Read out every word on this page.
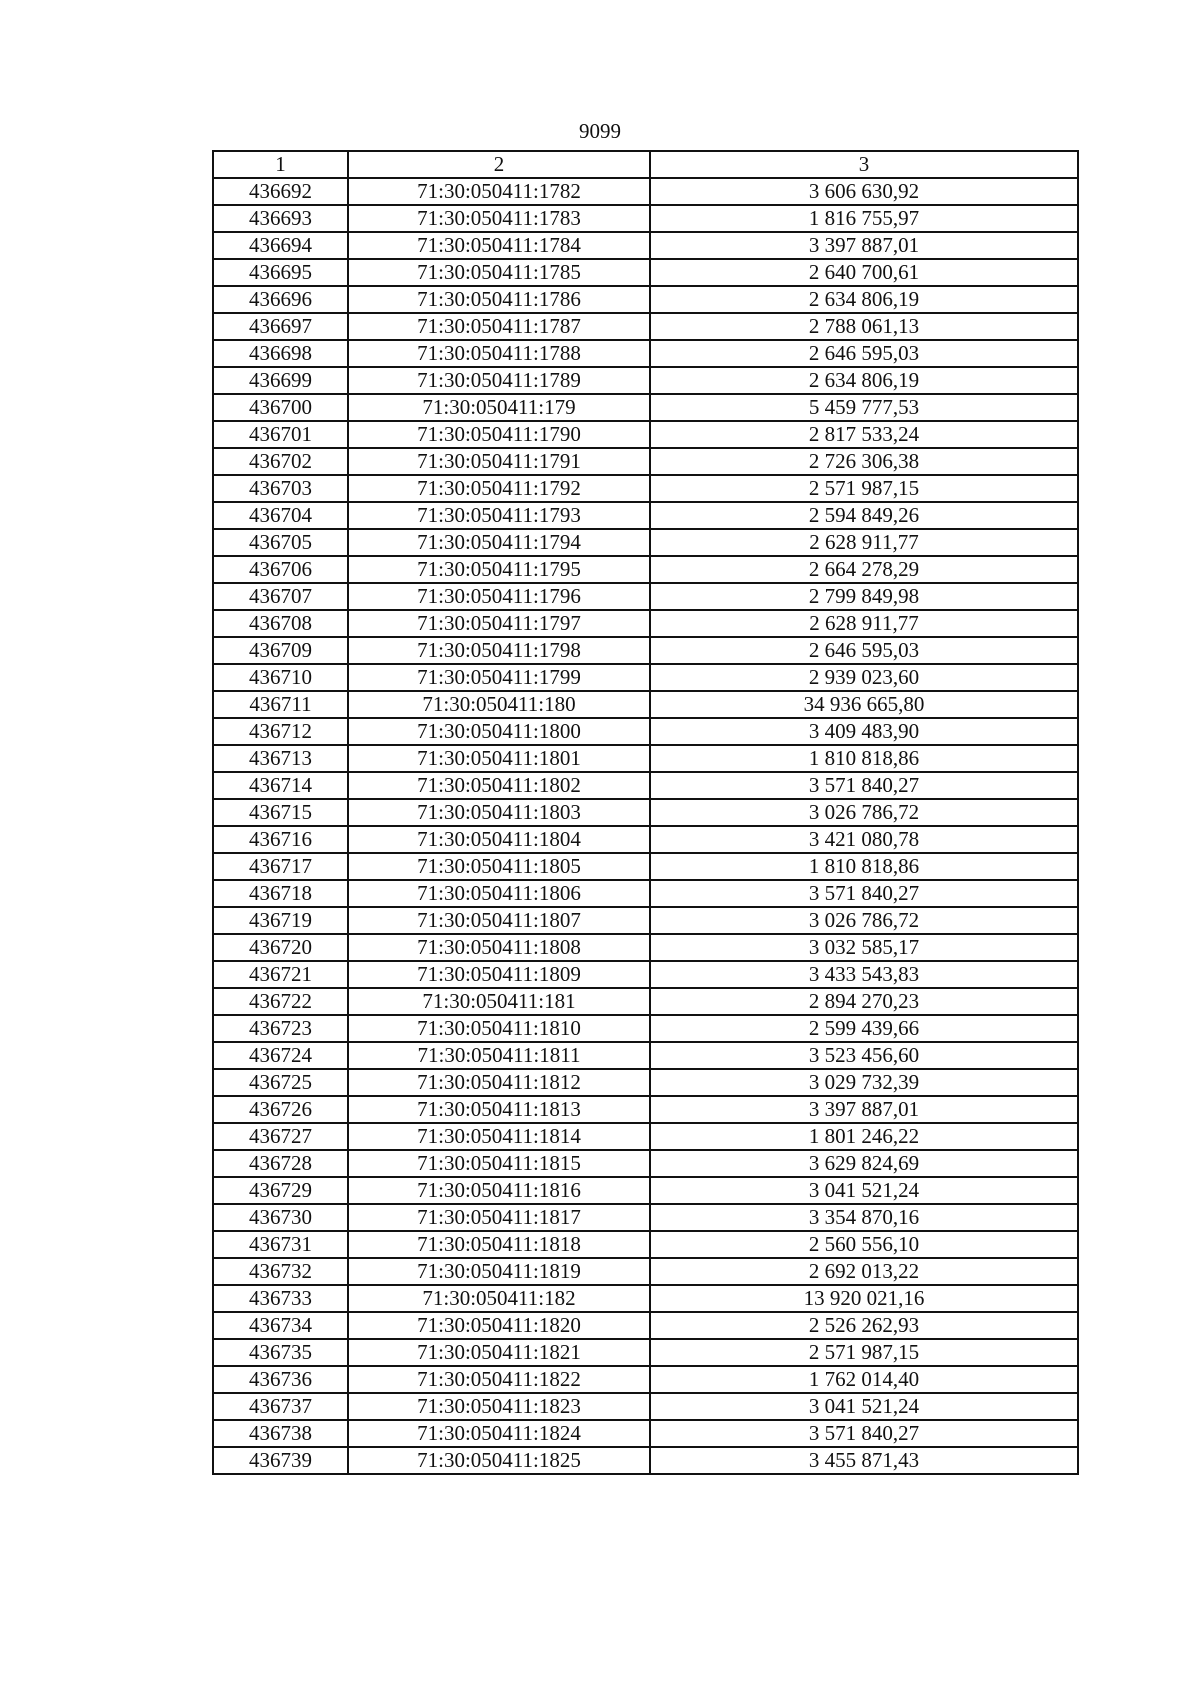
9099
1	2	3
436692	71:30:050411:1782	3 606 630,92
436693	71:30:050411:1783	1 816 755,97
436694	71:30:050411:1784	3 397 887,01
436695	71:30:050411:1785	2 640 700,61
436696	71:30:050411:1786	2 634 806,19
436697	71:30:050411:1787	2 788 061,13
436698	71:30:050411:1788	2 646 595,03
436699	71:30:050411:1789	2 634 806,19
436700	71:30:050411:179	5 459 777,53
436701	71:30:050411:1790	2 817 533,24
436702	71:30:050411:1791	2 726 306,38
436703	71:30:050411:1792	2 571 987,15
436704	71:30:050411:1793	2 594 849,26
436705	71:30:050411:1794	2 628 911,77
436706	71:30:050411:1795	2 664 278,29
436707	71:30:050411:1796	2 799 849,98
436708	71:30:050411:1797	2 628 911,77
436709	71:30:050411:1798	2 646 595,03
436710	71:30:050411:1799	2 939 023,60
436711	71:30:050411:180	34 936 665,80
436712	71:30:050411:1800	3 409 483,90
436713	71:30:050411:1801	1 810 818,86
436714	71:30:050411:1802	3 571 840,27
436715	71:30:050411:1803	3 026 786,72
436716	71:30:050411:1804	3 421 080,78
436717	71:30:050411:1805	1 810 818,86
436718	71:30:050411:1806	3 571 840,27
436719	71:30:050411:1807	3 026 786,72
436720	71:30:050411:1808	3 032 585,17
436721	71:30:050411:1809	3 433 543,83
436722	71:30:050411:181	2 894 270,23
436723	71:30:050411:1810	2 599 439,66
436724	71:30:050411:1811	3 523 456,60
436725	71:30:050411:1812	3 029 732,39
436726	71:30:050411:1813	3 397 887,01
436727	71:30:050411:1814	1 801 246,22
436728	71:30:050411:1815	3 629 824,69
436729	71:30:050411:1816	3 041 521,24
436730	71:30:050411:1817	3 354 870,16
436731	71:30:050411:1818	2 560 556,10
436732	71:30:050411:1819	2 692 013,22
436733	71:30:050411:182	13 920 021,16
436734	71:30:050411:1820	2 526 262,93
436735	71:30:050411:1821	2 571 987,15
436736	71:30:050411:1822	1 762 014,40
436737	71:30:050411:1823	3 041 521,24
436738	71:30:050411:1824	3 571 840,27
436739	71:30:050411:1825	3 455 871,43
